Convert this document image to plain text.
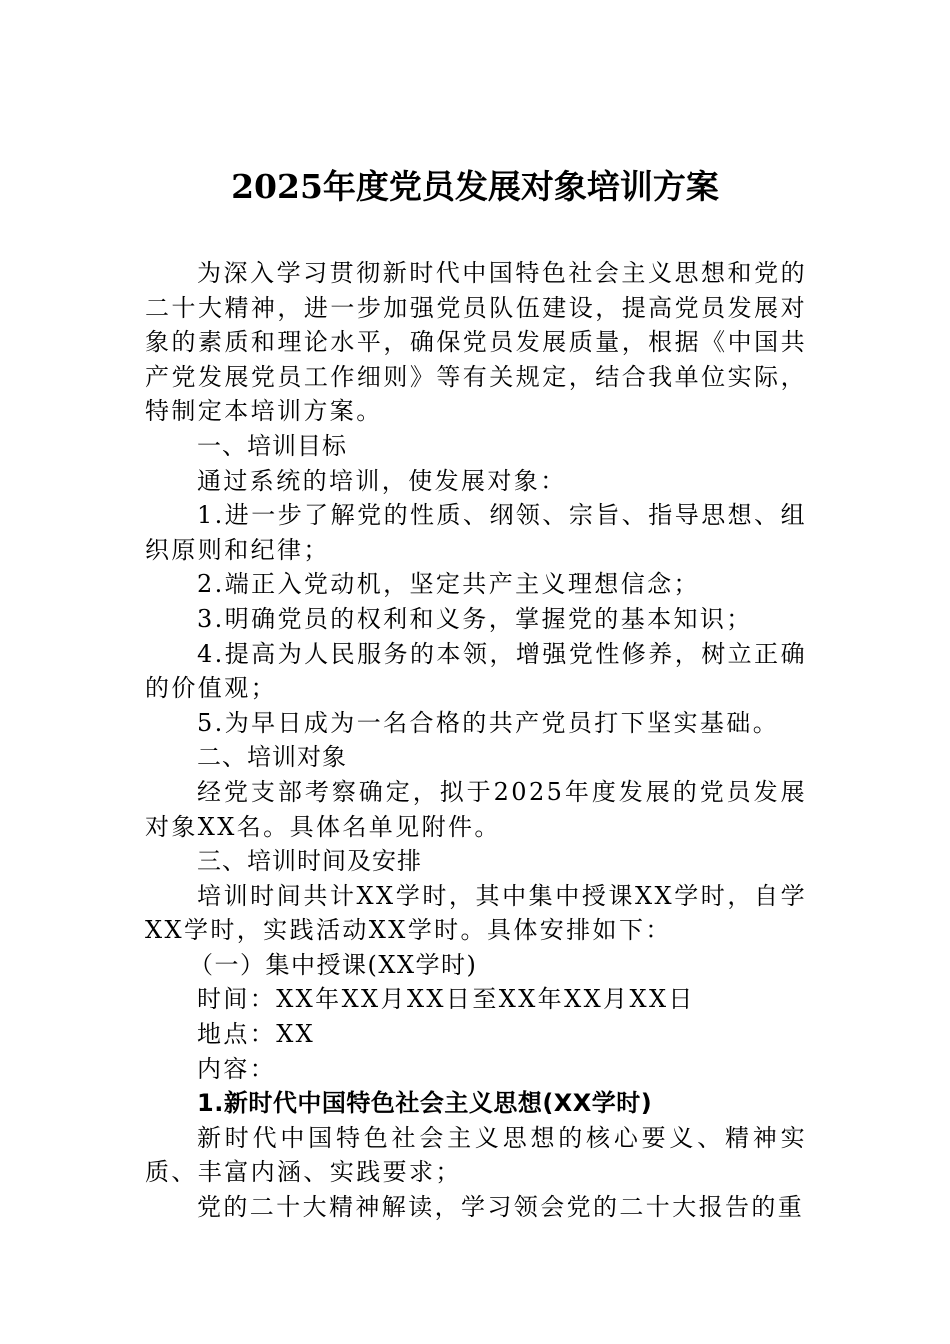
2025年度党员发展对象培训方案

为深入学习贯彻新时代中国特色社会主义思想和党的二十大精神，进一步加强党员队伍建设，提高党员发展对象的素质和理论水平，确保党员发展质量，根据《中国共产党发展党员工作细则》等有关规定，结合我单位实际，特制定本培训方案。

一、培训目标

通过系统的培训，使发展对象：

1.进一步了解党的性质、纲领、宗旨、指导思想、组织原则和纪律；

2.端正入党动机，坚定共产主义理想信念；

3.明确党员的权利和义务，掌握党的基本知识；

4.提高为人民服务的本领，增强党性修养，树立正确的价值观；

5.为早日成为一名合格的共产党员打下坚实基础。

二、培训对象

经党支部考察确定，拟于2025年度发展的党员发展对象XX名。具体名单见附件。

三、培训时间及安排

培训时间共计XX学时，其中集中授课XX学时，自学XX学时，实践活动XX学时。具体安排如下：

（一）集中授课(XX学时)

时间：XX年XX月XX日至XX年XX月XX日

地点：XX

内容：

1.新时代中国特色社会主义思想(XX学时)

新时代中国特色社会主义思想的核心要义、精神实质、丰富内涵、实践要求；

党的二十大精神解读，学习领会党的二十大报告的重
